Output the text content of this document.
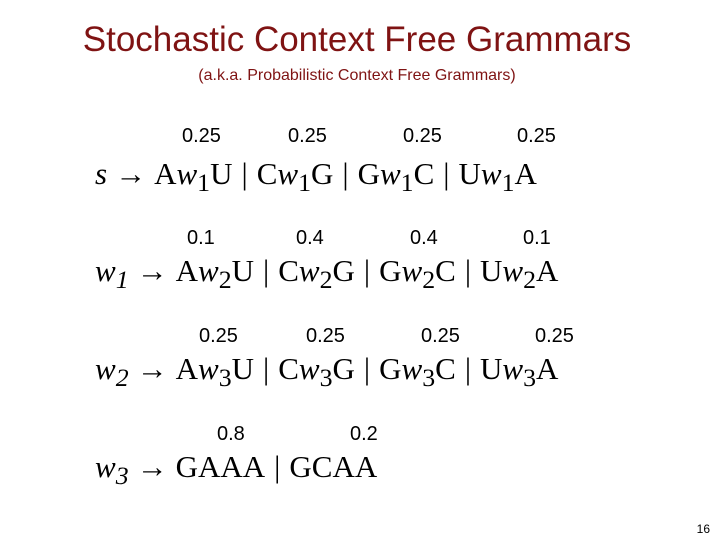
Stochastic Context Free Grammars
(a.k.a. Probabilistic Context Free Grammars)
0.25	0.25	0.25	0.25
$s \to Aw_1U$ | $Cw_1G$ | $Gw_1C$ | $Uw_1A$
0.1	0.4	0.4	0.1
$w_1 \to Aw_2U$ | $Cw_2G$ | $Gw_2C$ | $Uw_2A$
0.25	0.25	0.25	0.25
$w_2 \to Aw_3U$ | $Cw_3G$ | $Gw_3C$ | $Uw_3A$
0.8	0.2
$w_3$ → GAAA | GCAA
16
